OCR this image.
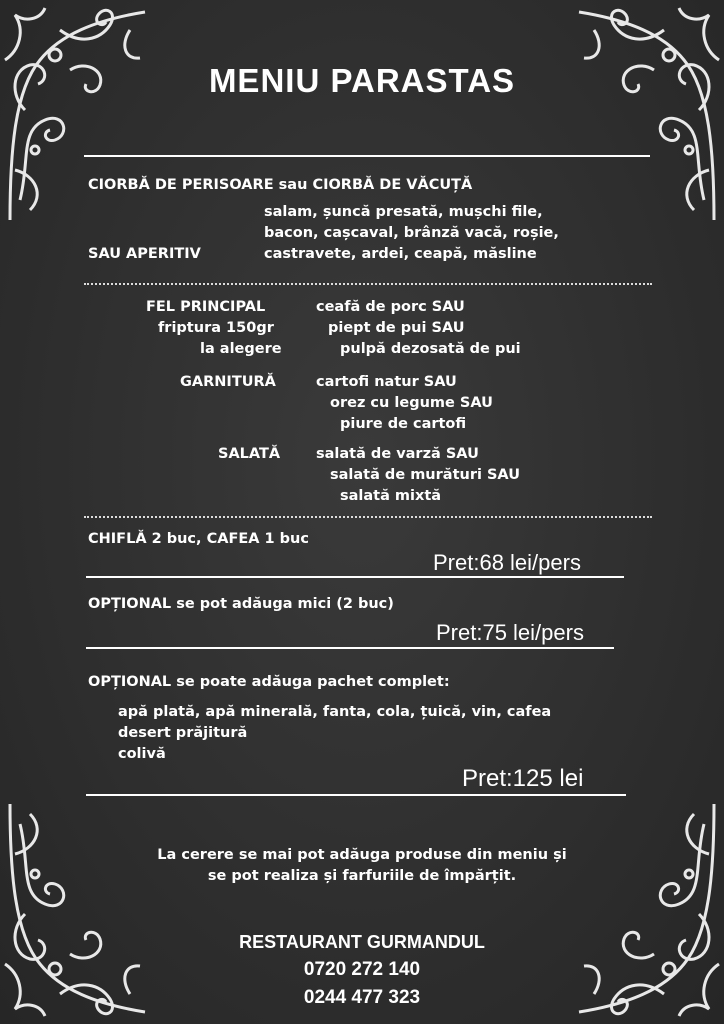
MENIU PARASTAS
CIORBĂ DE PERISOARE sau CIORBĂ DE VĂCUȚĂ
salam, șuncă presată, mușchi file,
bacon, cașcaval, brânză vacă, roșie,
SAU APERITIV	castravete, ardei, ceapă, măsline
FEL PRINCIPAL
friptura 150gr
la alegere
ceafă de porc SAU
piept de pui SAU
pulpă dezosată de pui
GARNITURĂ	cartofi natur SAU
orez cu legume SAU
piure de cartofi
SALATĂ salată de varză SAU
salată de murături SAU
salată mixtă
CHIFLĂ 2 buc, CAFEA 1 buc
Pret:68 lei/pers
OPȚIONAL se pot adăuga mici (2 buc)
Pret:75 lei/pers
OPȚIONAL se poate adăuga pachet complet:
apă plată, apă minerală, fanta, cola, țuică, vin, cafea
desert prăjitură
colivă
Pret:125 lei
La cerere se mai pot adăuga produse din meniu și
se pot realiza și farfuriile de împărțit.
RESTAURANT GURMANDUL
0720 272 140
0244 477 323
